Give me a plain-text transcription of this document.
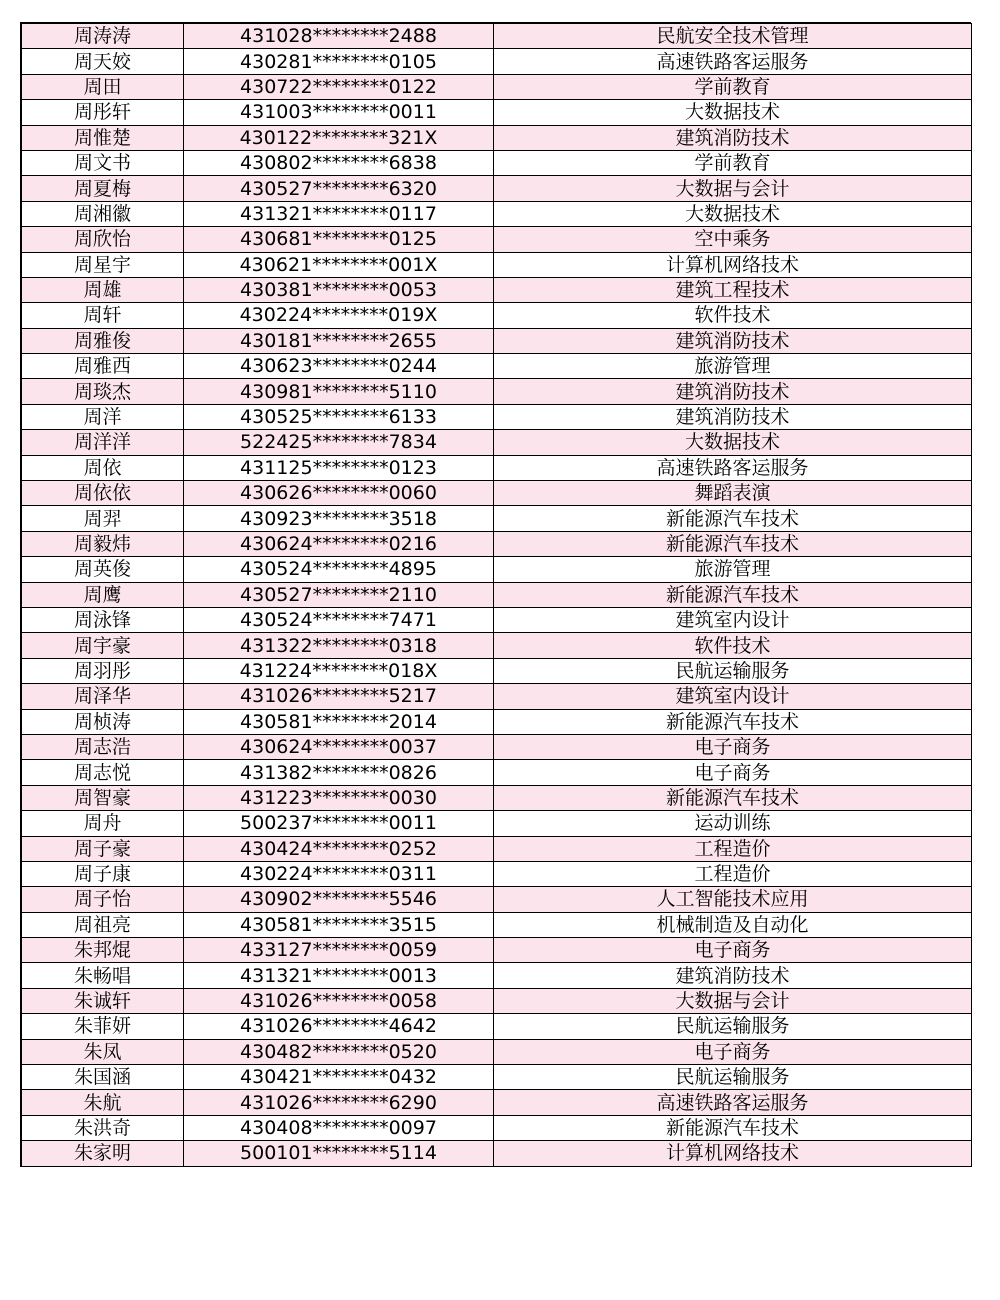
周涛涛	431028********2488	民航安全技术管理
周天姣	430281********0105	高速铁路客运服务
周田	430722********0122	学前教育
周彤轩	431003********0011	大数据技术
周惟楚	430122********321X	建筑消防技术
周文书	430802********6838	学前教育
周夏梅	430527********6320	大数据与会计
周湘徽	431321********0117	大数据技术
周欣怡	430681********0125	空中乘务
周星宇	430621********001X	计算机网络技术
周雄	430381********0053	建筑工程技术
周轩	430224********019X	软件技术
周雅俊	430181********2655	建筑消防技术
周雅西	430623********0244	旅游管理
周琰杰	430981********5110	建筑消防技术
周洋	430525********6133	建筑消防技术
周洋洋	522425********7834	大数据技术
周依	431125********0123	高速铁路客运服务
周依依	430626********0060	舞蹈表演
周羿	430923********3518	新能源汽车技术
周毅炜	430624********0216	新能源汽车技术
周英俊	430524********4895	旅游管理
周鹰	430527********2110	新能源汽车技术
周泳锋	430524********7471	建筑室内设计
周宇豪	431322********0318	软件技术
周羽彤	431224********018X	民航运输服务
周泽华	431026********5217	建筑室内设计
周桢涛	430581********2014	新能源汽车技术
周志浩	430624********0037	电子商务
周志悦	431382********0826	电子商务
周智豪	431223********0030	新能源汽车技术
周舟	500237********0011	运动训练
周子豪	430424********0252	工程造价
周子康	430224********0311	工程造价
周子怡	430902********5546	人工智能技术应用
周祖亮	430581********3515	机械制造及自动化
朱邦焜	433127********0059	电子商务
朱畅唱	431321********0013	建筑消防技术
朱诚轩	431026********0058	大数据与会计
朱菲妍	431026********4642	民航运输服务
朱凤	430482********0520	电子商务
朱国涵	430421********0432	民航运输服务
朱航	431026********6290	高速铁路客运服务
朱洪奇	430408********0097	新能源汽车技术
朱家明	500101********5114	计算机网络技术
